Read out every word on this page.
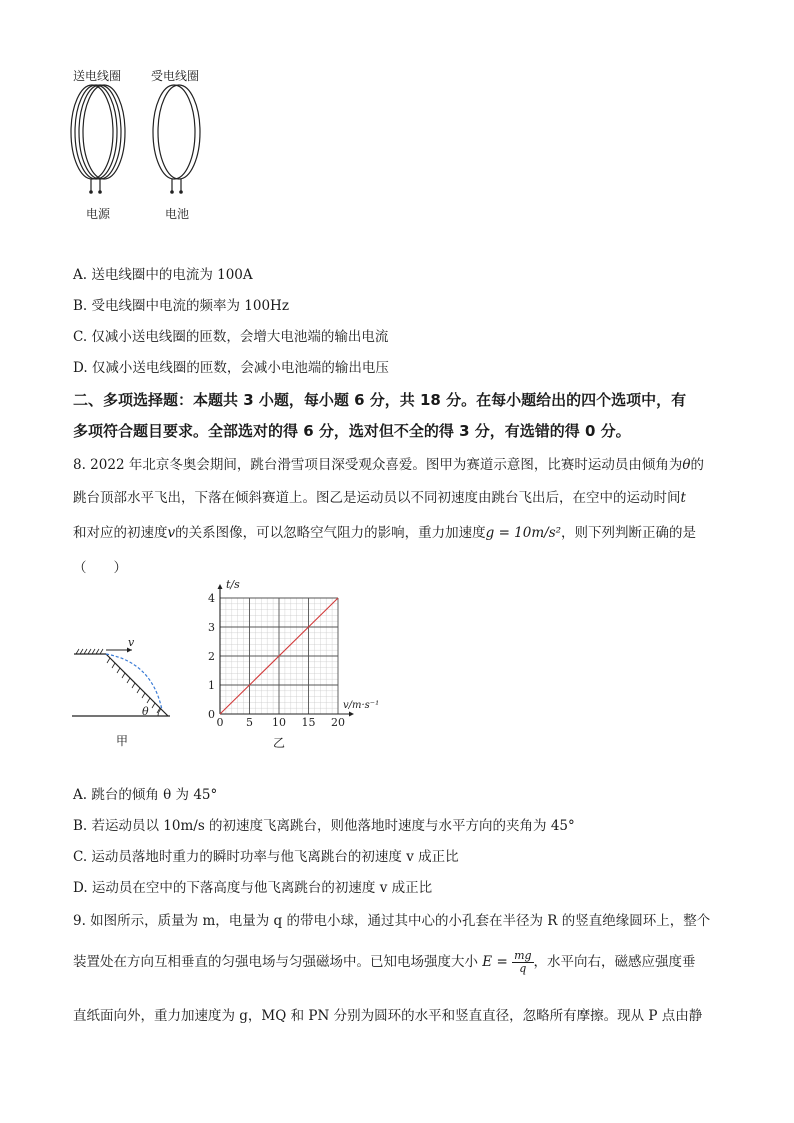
送电线圈 受电线圈
电源	电池
A. 送电线圈中的电流为 100A
B. 受电线圈中电流的频率为 100Hz
C. 仅减小送电线圈的匝数，会增大电池端的输出电流
D. 仅减小送电线圈的匝数，会减小电池端的输出电压
二、多项选择题：本题共 3 小题，每小题 6 分，共 18 分。在每小题给出的四个选项中，有
多项符合题目要求。全部选对的得 6 分，选对但不全的得 3 分，有选错的得 0 分。
8. 2022 年北京冬奥会期间，跳台滑雪项目深受观众喜爱。图甲为赛道示意图，比赛时运动员由倾角为θ的
跳台顶部水平飞出，下落在倾斜赛道上。图乙是运动员以不同初速度由跳台飞出后，在空中的运动时间t
和对应的初速度v的关系图像，可以忽略空气阻力的影响，重力加速度g = 10m/s²，则下列判断正确的是
（　　）
v
θ
甲
5 10 15 20
1
2
3
4
0
0
t/s
v/m·s⁻¹
乙
A. 跳台的倾角 θ 为 45°
B. 若运动员以 10m/s 的初速度飞离跳台，则他落地时速度与水平方向的夹角为 45°
C. 运动员落地时重力的瞬时功率与他飞离跳台的初速度 v 成正比
D. 运动员在空中的下落高度与他飞离跳台的初速度 v 成正比
9. 如图所示，质量为 m，电量为 q 的带电小球，通过其中心的小孔套在半径为 R 的竖直绝缘圆环上，整个
装置处在方向互相垂直的匀强电场与匀强磁场中。已知电场强度大小 $E = \frac{mg}{q}$ ，水平向右，磁感应强度垂
直纸面向外，重力加速度为 g，MQ 和 PN 分别为圆环的水平和竖直直径，忽略所有摩擦。现从 P 点由静
